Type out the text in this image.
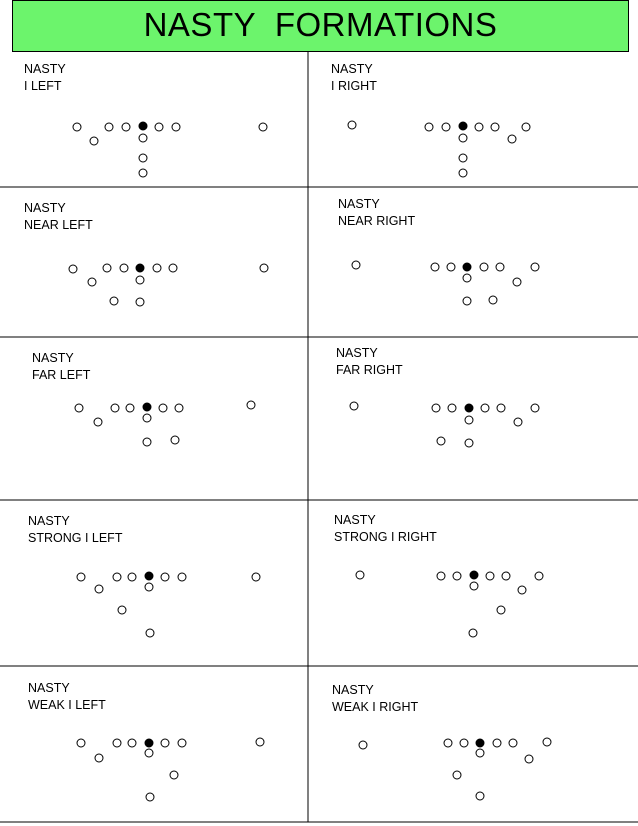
NASTY  FORMATIONS
NASTY
I LEFT
NASTY
I RIGHT
NASTY
NEAR LEFT
NASTY
NEAR RIGHT
NASTY
FAR LEFT
NASTY
FAR RIGHT
NASTY
STRONG I LEFT
NASTY
STRONG I RIGHT
NASTY
WEAK I LEFT
NASTY
WEAK I RIGHT
